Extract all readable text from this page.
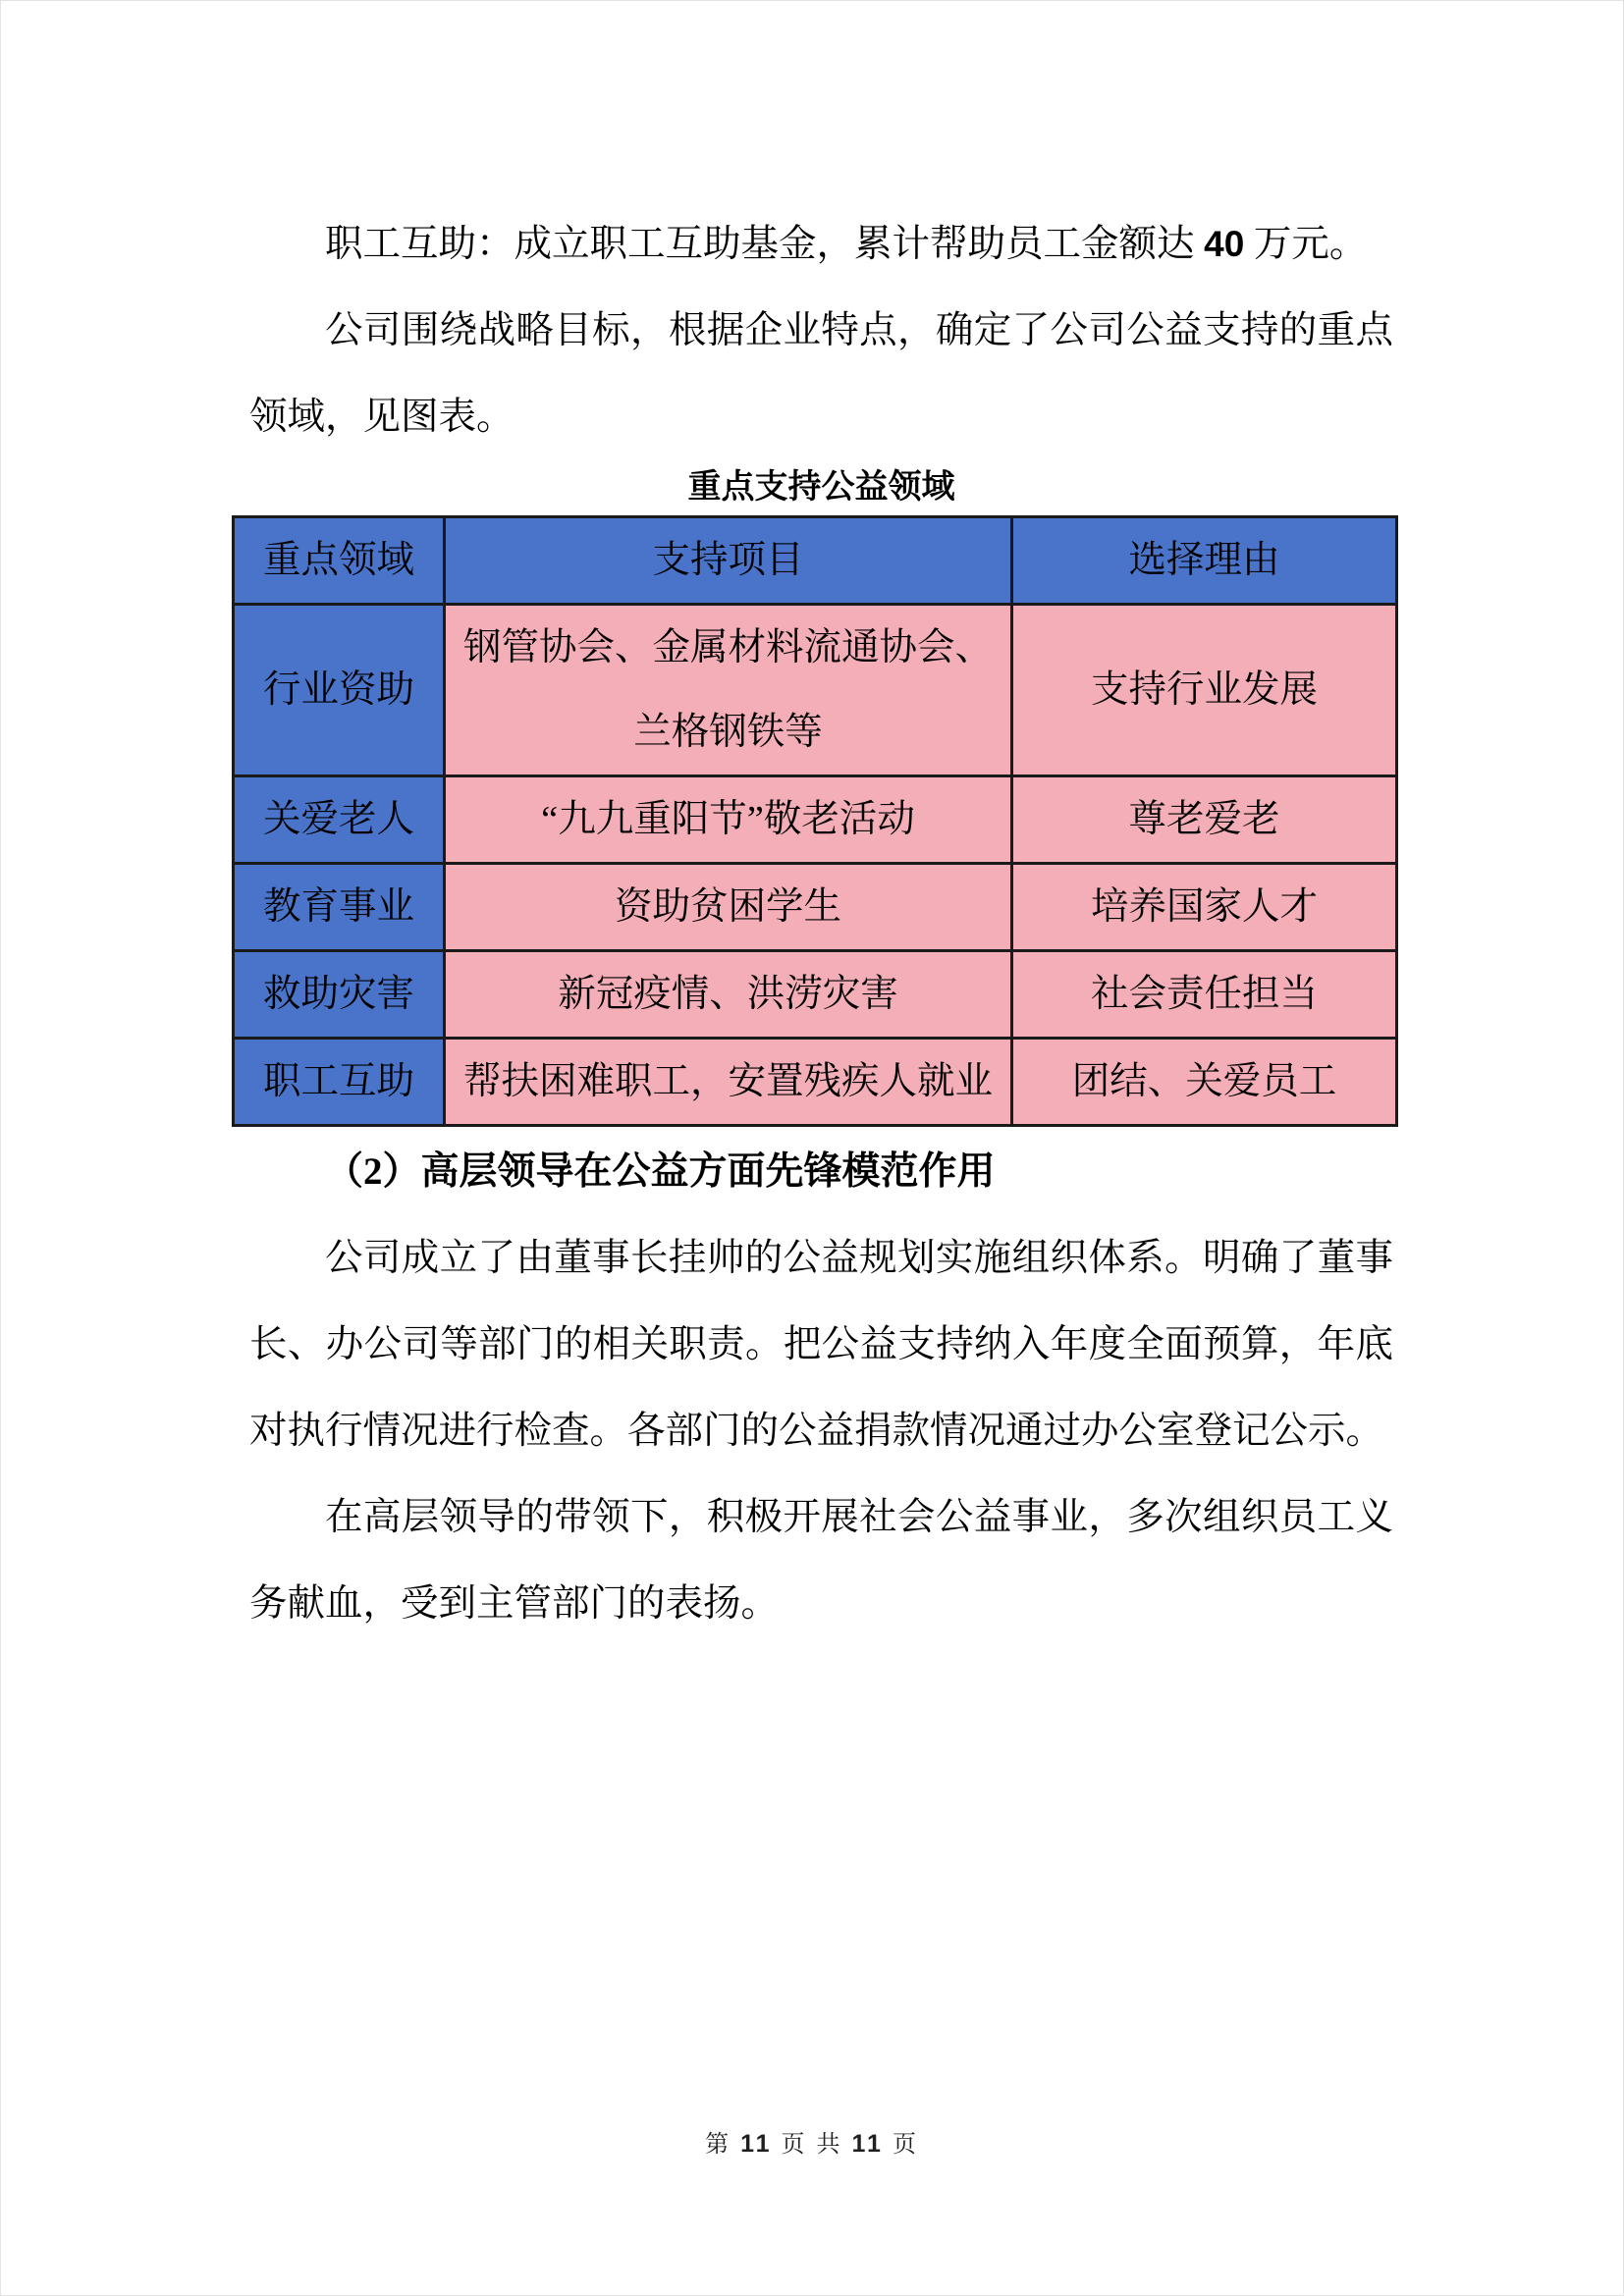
职工互助：成立职工互助基金，累计帮助员工金额达 40 万元。

公司围绕战略目标，根据企业特点，确定了公司公益支持的重点领域，见图表。

重点支持公益领域
重点领域	支持项目	选择理由
行业资助	钢管协会、金属材料流通协会、兰格钢铁等	支持行业发展
关爱老人	“九九重阳节”敬老活动	尊老爱老
教育事业	资助贫困学生	培养国家人才
救助灾害	新冠疫情、洪涝灾害	社会责任担当
职工互助	帮扶困难职工，安置残疾人就业	团结、关爱员工

（2）高层领导在公益方面先锋模范作用

公司成立了由董事长挂帅的公益规划实施组织体系。明确了董事长、办公司等部门的相关职责。把公益支持纳入年度全面预算，年底对执行情况进行检查。各部门的公益捐款情况通过办公室登记公示。

在高层领导的带领下，积极开展社会公益事业，多次组织员工义务献血，受到主管部门的表扬。

第 11 页 共 11 页
